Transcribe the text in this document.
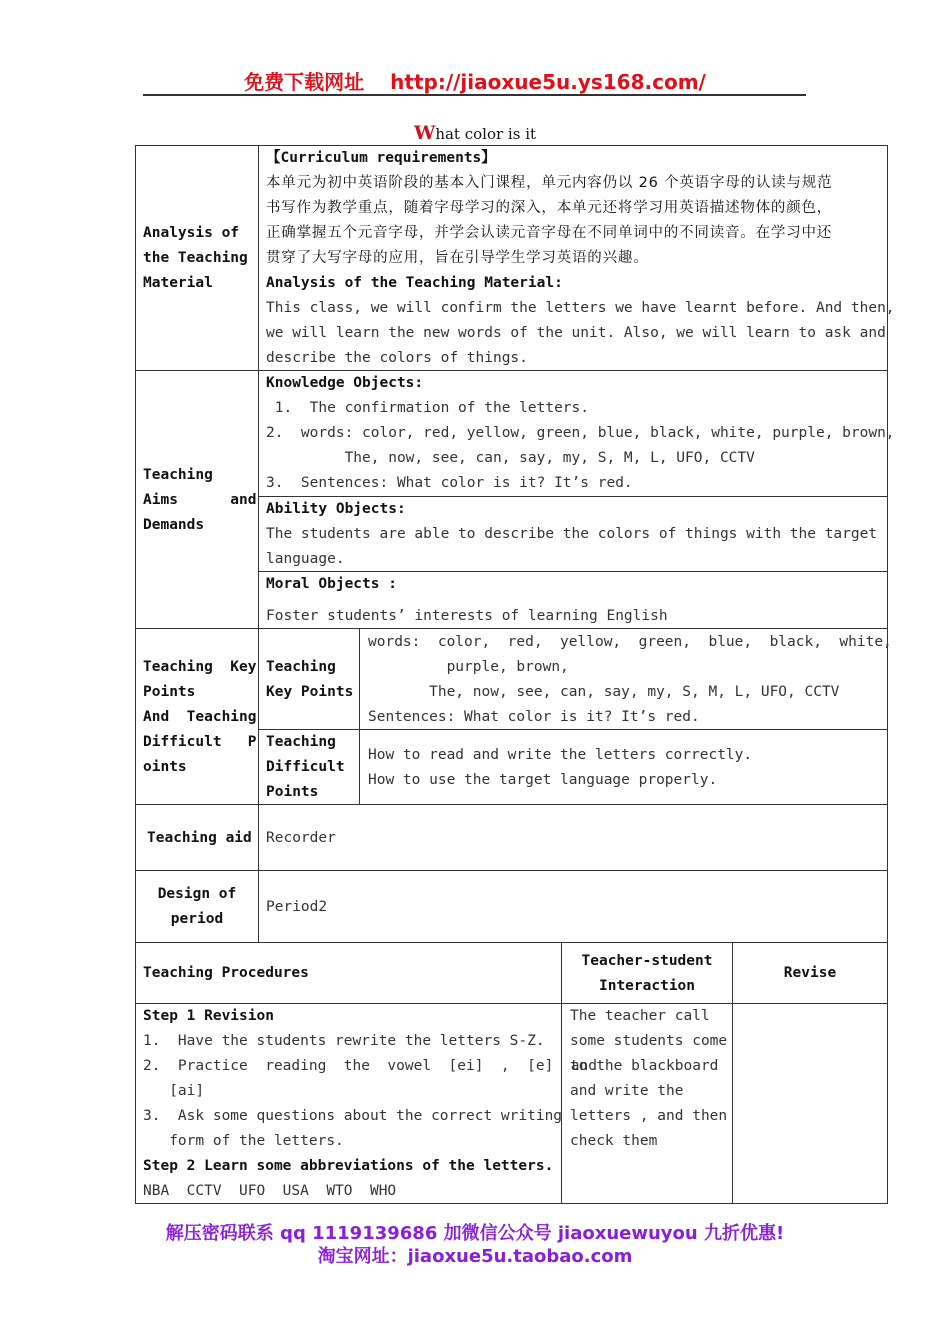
免费下载网址 http://jiaoxue5u.ys168.com/
What color is it
Analysis of
the Teaching
Material
【Curriculum requirements】
本单元为初中英语阶段的基本入门课程，单元内容仍以 26 个英语字母的认读与规范
书写作为教学重点，随着字母学习的深入，本单元还将学习用英语描述物体的颜色，
正确掌握五个元音字母，并学会认读元音字母在不同单词中的不同读音。在学习中还
贯穿了大写字母的应用，旨在引导学生学习英语的兴趣。
Analysis of the Teaching Material:
This class, we will confirm the letters we have learnt before. And then,
we will learn the new words of the unit. Also, we will learn to ask and
describe the colors of things.
Teaching
Aims      and
Demands
Knowledge Objects:
1.  The confirmation of the letters.
2.  words: color, red, yellow, green, blue, black, white, purple, brown,
The, now, see, can, say, my, S, M, L, UFO, CCTV
3.  Sentences: What color is it? It’s red.
Ability Objects:
The students are able to describe the colors of things with the target
language.
Moral Objects :
Foster students’ interests of learning English
Teaching  Key
Points
And  Teaching
Difficult   P
oints
Teaching
Key Points
words:  color,  red,  yellow,  green,  blue,  black,  white,
purple, brown,
The, now, see, can, say, my, S, M, L, UFO, CCTV
Sentences: What color is it? It’s red.
Teaching
Difficult
Points
How to read and write the letters correctly.
How to use the target language properly.
Teaching aid Recorder
Design of
period
Period2
Teaching Procedures
Teacher-student
Interaction
Revise
Step 1 Revision
1.  Have the students rewrite the letters S-Z.
2.  Practice  reading  the  vowel  [ei]  ,  [e]  and
[ai]
3.  Ask some questions about the correct writing
form of the letters.
Step 2 Learn some abbreviations of the letters.
NBA  CCTV  UFO  USA  WTO  WHO
The teacher call
some students come
to the blackboard
and write the
letters , and then
check them
解压密码联系 qq 1119139686 加微信公众号 jiaoxuewuyou 九折优惠!
淘宝网址：jiaoxue5u.taobao.com
